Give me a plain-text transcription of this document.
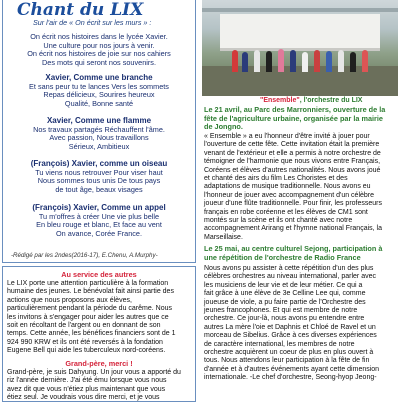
Chant du LIX
Sur l'air de « On écrit sur les murs » :
On écrit nos histoires dans le lycée Xavier.
Une culture pour nos jours à venir.
On écrit nos histoires de joie sur nos cahiers
Des mots qui seront nos souvenirs.
Xavier, Comme une branche
Et sans peur tu te lances Vers les sommets
Repas délicieux, Sourires heureux
Qualité, Bonne santé
Xavier, Comme une flamme
Nos travaux partagés Réchauffent l'âme.
Avec passion, Nous travaillons
Sérieux, Ambitieux
(François) Xavier, comme un oiseau
Tu viens nous retrouver Pour viser haut
Nous sommes tous unis De tous pays
de tout âge, beaux visages
(François) Xavier, Comme un appel
Tu m'offres à créer Une vie plus belle
En bleu rouge et blanc, Et face au vent
On avance, Corée France.
-Rédigé par les 2ndes(2016-17), E.Chenu, A.Murphy-
Au service des autres
Le LIX porte une attention particulière à la formation
humaine des jeunes. Le bénévolat fait ainsi partie des
actions que nous proposons aux élèves,
particulièrement pendant la période du carême. Nous
les invitons à s'engager pour aider les autres que ce
soit en récoltant de l'argent ou en donnant de son
temps. Cette année, les bénéfices financiers sont de 1
924 990 KRW et ils ont été reversés à la fondation
Eugene Bell qui aide les tuberculeux nord-coréens.
Grand-père, merci !
Grand-père, je suis Dahyung. Un jour vous a apporté du
riz l'année dernière. J'ai été ému lorsque vous nous
avez dit que vous n'étiez plus maintenant que vous
étiez seul. Je voudrais vous dire merci, et je vous
"Ensemble", l'orchestre du LIX
Le 21 avril, au Parc des Marronniers, ouverture de la
fête de l'agriculture urbaine, organisée par la mairie
de Jongno.
« Ensemble » a eu l'honneur d'être invité à jouer pour
l'ouverture de cette fête. Cette invitation était la première
venant de l'extérieur et elle a permis à notre orchestre de
témoigner de l'harmonie que nous vivons entre Français,
Coréens et élèves d'autres nationalités. Nous avons joué
et chanté des airs du film Les Choristes et des
adaptations de musique traditionnelle. Nous avons eu
l'honneur de jouer avec accompagnement d'un célèbre
joueur d'une flûte traditionnelle. Pour finir, les professeurs
français en robe coréenne et les élèves de CM1 sont
montés sur la scène et ils ont chanté avec notre
accompagnement Arirang et l'hymne national Français, la
Marseillaise.
Le 25 mai, au centre culturel Sejong, participation à
une répétition de l'orchestre de Radio France
Nous avons pu assister à cette répétition d'un des plus
célèbres orchestres au niveau international, parler avec
les musiciens de leur vie et de leur métier. Ce qui a
fait grâce à une élève de 3e Celline Lee qui, comme
joueuse de viole, a pu faire partie de l'Orchestre des
jeunes francophones. Et qui est membre de notre
orchestre. Ce jour-là, nous avons pu entendre entre
autres La mère l'oie et Daphnis et Chloé de Ravel et un
morceau de Sibelius. Grâce à ces diverses expériences
de caractère international, les membres de notre
orchestre acquièrent un coeur de plus en plus ouvert à
tous. Nous attendons leur participation à la fête de fin
d'année et à d'autres événements ayant cette dimension
internationale. -Le chef d'orchestre, Seong-hyop Jeong-
